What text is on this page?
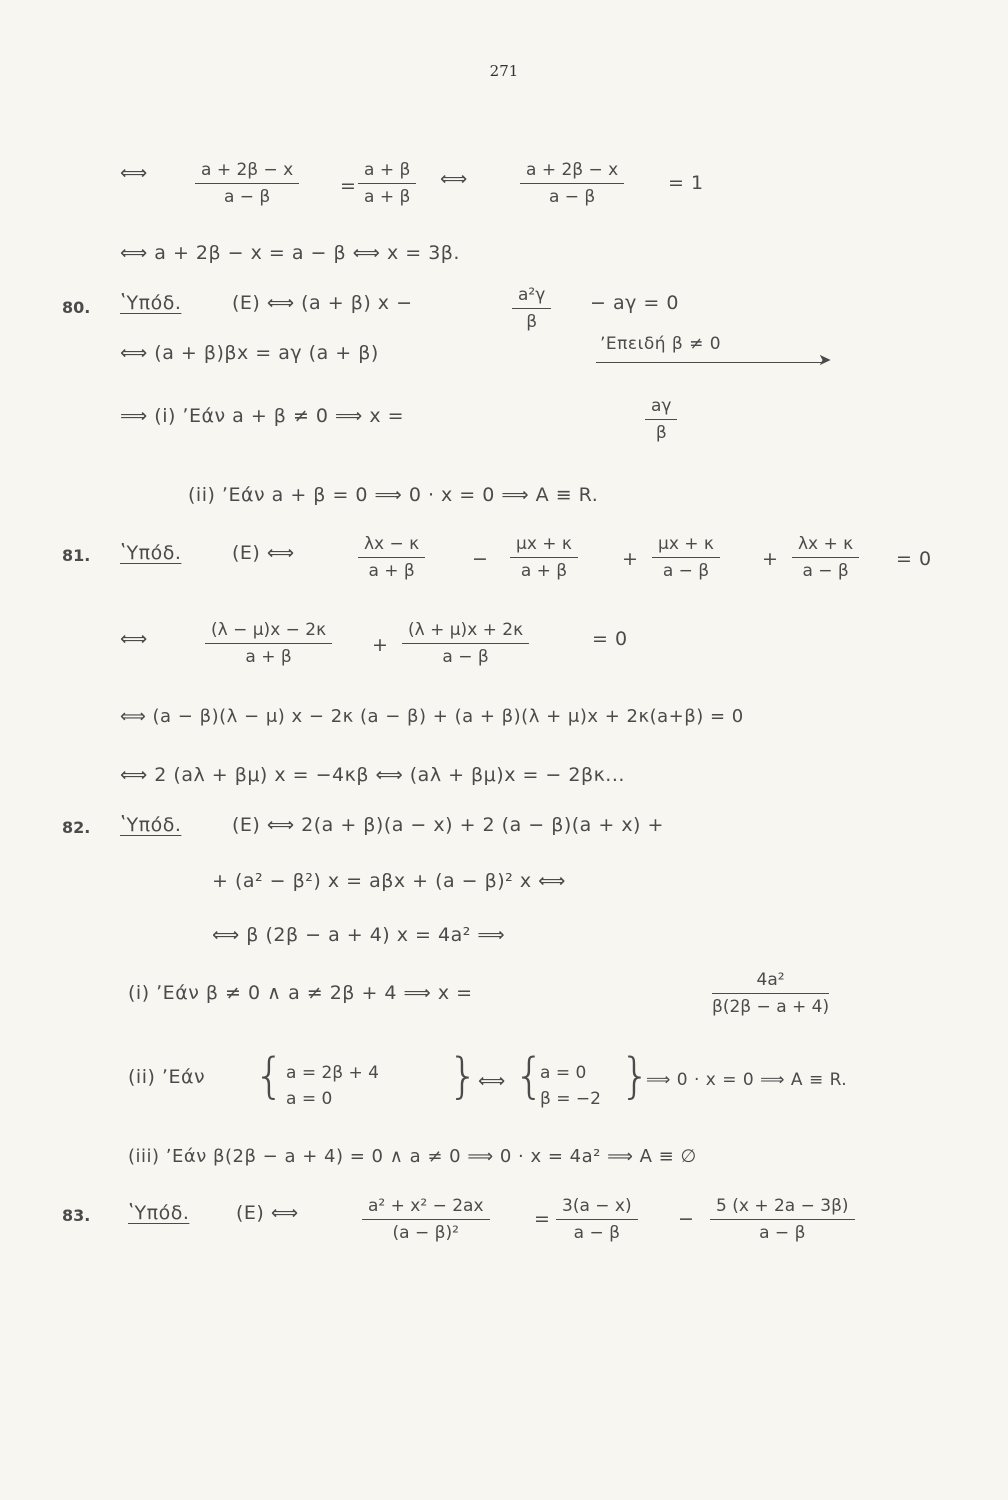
271
⟺	$\frac{a + 2\beta - x}{a - \beta} = \frac{a + \beta}{a + \beta}$ ⟺	$\frac{a + 2\beta - x}{a - \beta} = 1$
⟺ a + 2β − x = a − β ⟺ x = 3β.
80. ʽΥπόδ.	(Ε) ⟺ (a + β) x −	$\frac{\text{a²γ}}{\beta} - a\gamma = 0$
⟺ (a + β)βx = aγ (a + β)	ʼΕπειδή β ≠ 0
➤
⟹ (i) ʼΕάν a + β ≠ 0 ⟹ x =	$\frac{a\gamma}{\beta}$
(ii) ʼΕάν a + β = 0 ⟹ 0 · x = 0 ⟹ A ≡ R.
81. ʽΥπόδ.	(Ε) ⟺	$\frac{\lambda x - \kappa}{a + \beta} - \frac{\mu x + \kappa}{a + \beta} + \frac{\mu x + \kappa}{a - \beta} + \frac{\lambda x + \kappa}{a - \beta} = 0$
⟺	$\frac{(\lambda - \mu)x - 2\kappa}{a + \beta} + \frac{(\lambda + \mu)x + 2\kappa}{a - \beta}$	= 0
⟺ (a − β)(λ − μ) x − 2κ (a − β) + (a + β)(λ + μ)x + 2κ(a+β) = 0
⟺ 2 (aλ + βμ) x = −4κβ ⟺ (aλ + βμ)x = − 2βκ...
82. ʽΥπόδ.	(Ε) ⟺ 2(a + β)(a − x) + 2 (a − β)(a + x) +
+ (a² − β²) x = aβx + (a − β)² x ⟺
⟺ β (2β − a + 4) x = 4a² ⟹
(i) ʼΕάν β ≠ 0 ∧ a ≠ 2β + 4 ⟹ x =	$\frac{\text{4a²}}{\beta(2\beta - a + 4)}$
(ii) ʼΕάν { a = 2β + 4
a = 0	} ⟺ {
a = 0
β = −2 }
⟹ 0 · x = 0 ⟹ A ≡ R.
(iii) ʼΕάν β(2β − a + 4) = 0 ∧ a ≠ 0 ⟹ 0 · x = 4a² ⟹ A ≡ ∅
83. ʽΥπόδ. (Ε) ⟺	$\frac{\text{a² + x² − 2ax}}{\text{(a − β)²}} = \frac{3(a - x)}{a - \beta} - \frac{5 (x + 2a - 3\beta)}{a - \beta}$
